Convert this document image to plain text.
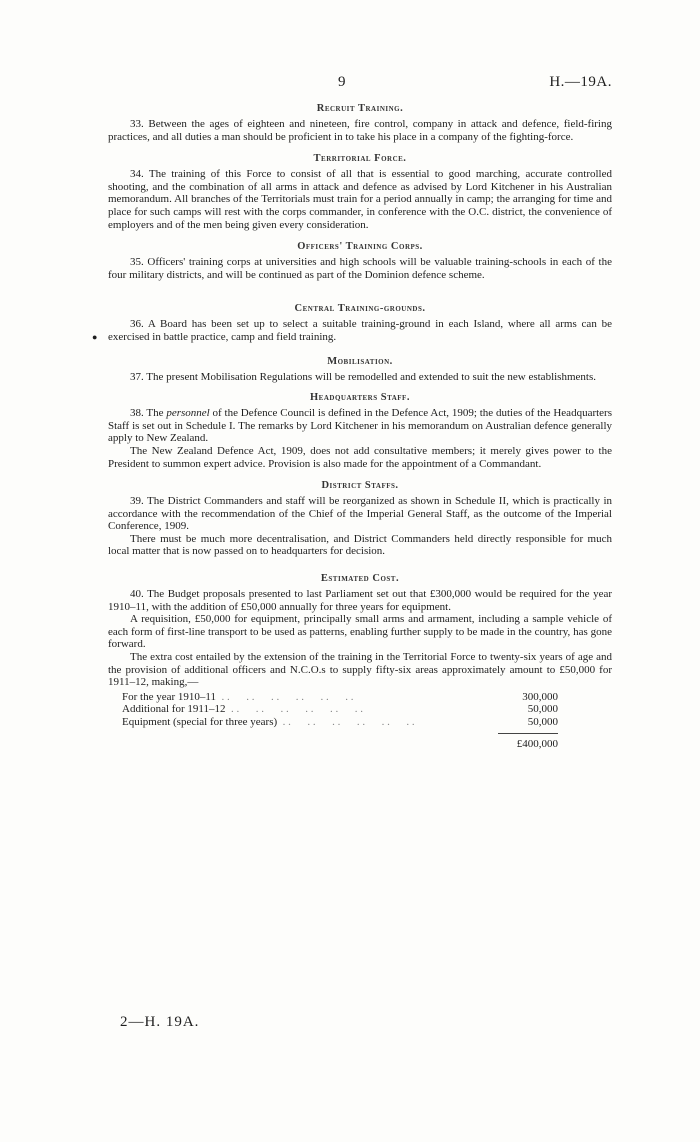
9	H.—19A.
●
Recruit Training.

33. Between the ages of eighteen and nineteen, fire control, company in attack and defence, field-firing practices, and all duties a man should be proficient in to take his place in a company of the fighting-force.

Territorial Force.

34. The training of this Force to consist of all that is essential to good marching, accurate controlled shooting, and the combination of all arms in attack and defence as advised by Lord Kitchener in his Australian memorandum. All branches of the Territorials must train for a period annually in camp; the arranging for time and place for such camps will rest with the corps commander, in conference with the O.C. district, the convenience of employers and of the men being given every consideration.

Officers' Training Corps.

35. Officers' training corps at universities and high schools will be valuable training-schools in each of the four military districts, and will be continued as part of the Dominion defence scheme.

Central Training-grounds.

36. A Board has been set up to select a suitable training-ground in each Island, where all arms can be exercised in battle practice, camp and field training.

Mobilisation.

37. The present Mobilisation Regulations will be remodelled and extended to suit the new establishments.

Headquarters Staff.

38. The personnel of the Defence Council is defined in the Defence Act, 1909; the duties of the Headquarters Staff is set out in Schedule I. The remarks by Lord Kitchener in his memorandum on Australian defence generally apply to New Zealand.

The New Zealand Defence Act, 1909, does not add consultative members; it merely gives power to the President to summon expert advice. Provision is also made for the appointment of a Commandant.

District Staffs.

39. The District Commanders and staff will be reorganized as shown in Schedule II, which is practically in accordance with the recommendation of the Chief of the Imperial General Staff, as the outcome of the Imperial Conference, 1909.

There must be much more decentralisation, and District Commanders held directly responsible for much local matter that is now passed on to headquarters for decision.

Estimated Cost.

40. The Budget proposals presented to last Parliament set out that £300,000 would be required for the year 1910–11, with the addition of £50,000 annually for three years for equipment.

A requisition, £50,000 for equipment, principally small arms and armament, including a sample vehicle of each form of first-line transport to be used as patterns, enabling further supply to be made in the country, has gone forward.

The extra cost entailed by the extension of the training in the Territorial Force to twenty-six years of age and the provision of additional officers and N.C.O.s to supply fifty-six areas approximately amount to £50,000 for 1911–12, making,—

For the year 1910–11 . .	300,000
Additional for 1911–12 . .	50,000
Equipment (special for three years) . .	50,000
£400,000
2—H. 19A.
